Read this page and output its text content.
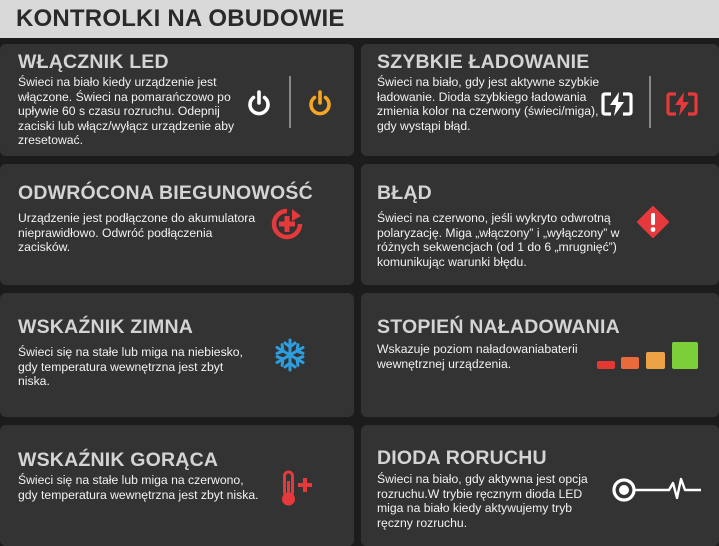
KONTROLKI NA OBUDOWIE
WŁĄCZNIK LED
Świeci na biało kiedy urządzenie jest włączone. Świeci na pomarańczowo po upływie 60 s czasu rozruchu. Odepnij zaciski lub włącz/wyłącz urządzenie aby zresetować.
SZYBKIE ŁADOWANIE
Świeci na biało, gdy jest aktywne szybkie ładowanie. Dioda szybkiego ładowania zmienia kolor na czerwony (świeci/miga), gdy wystąpi błąd.
ODWRÓCONA BIEGUNOWOŚĆ
Urządzenie jest podłączone do akumulatora nieprawidłowo. Odwróć podłączenia zacisków.
BŁĄD
Świeci na czerwono, jeśli wykryto odwrotną polaryzację. Miga „włączony” i „wyłączony” w różnych sekwencjach (od 1 do 6 „mrugnięć”) komunikując warunki błędu.
WSKAŹNIK ZIMNA
Świeci się na stałe lub miga na niebiesko, gdy temperatura wewnętrzna jest zbyt niska.
STOPIEŃ NAŁADOWANIA
Wskazuje poziom naładowaniabaterii wewnętrznej urządzenia.
WSKAŹNIK GORĄCA
Świeci się na stałe lub miga na czerwono, gdy temperatura wewnętrzna jest zbyt niska.
DIODA RORUCHU
Świeci na biało, gdy aktywna jest opcja rozruchu.W trybie ręcznym dioda LED miga na biało kiedy aktywujemy tryb ręczny rozruchu.
